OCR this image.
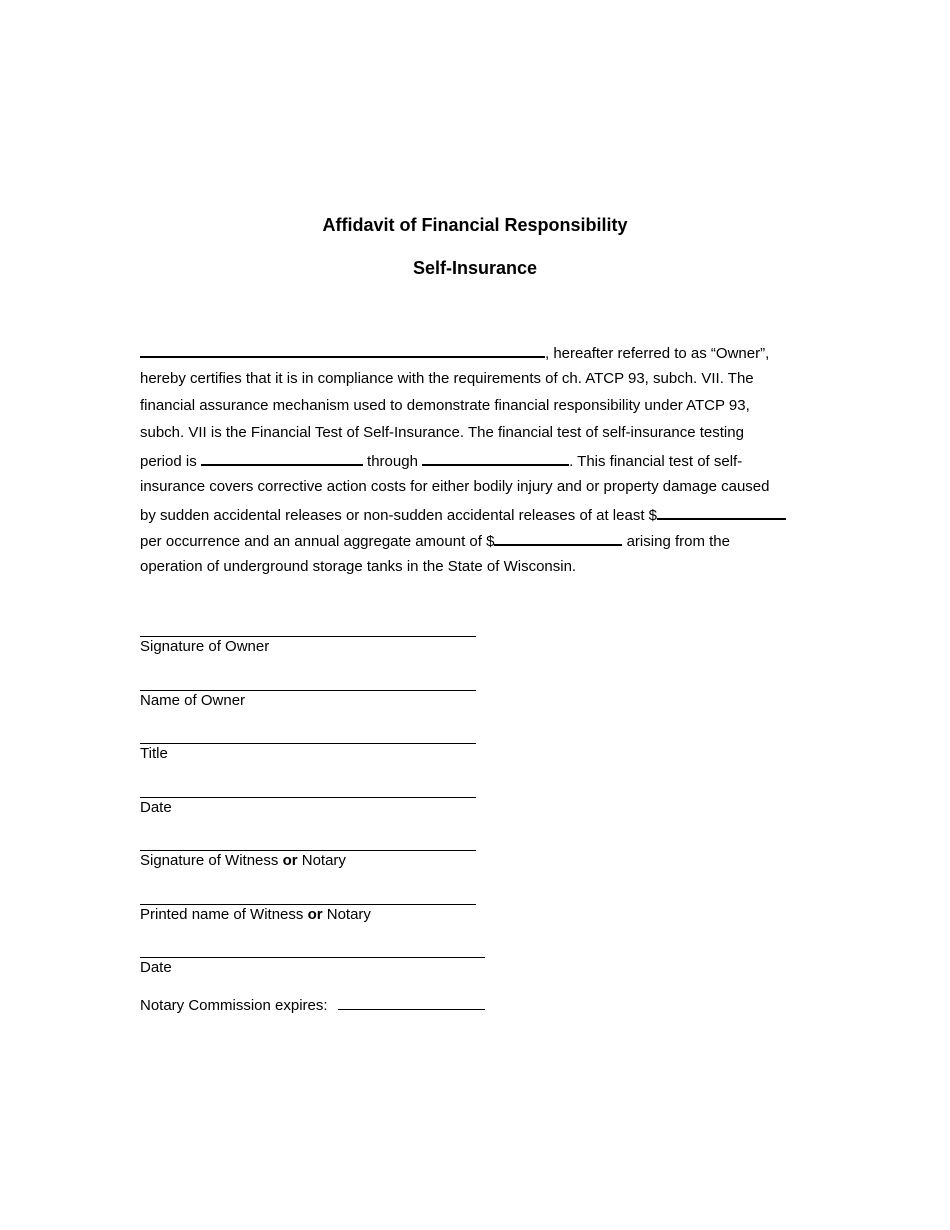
Affidavit of Financial Responsibility
Self-Insurance
, hereafter referred to as “Owner”,
hereby certifies that it is in compliance with the requirements of ch. ATCP 93, subch. VII. The
financial assurance mechanism used to demonstrate financial responsibility under ATCP 93,
subch. VII is the Financial Test of Self-Insurance. The financial test of self-insurance testing
period is	through	. This financial test of self-
insurance covers corrective action costs for either bodily injury and or property damage caused
by sudden accidental releases or non-sudden accidental releases of at least $
per occurrence and an annual aggregate amount of $	arising from the
operation of underground storage tanks in the State of Wisconsin.
Signature of Owner
Name of Owner
Title
Date
Signature of Witness or Notary
Printed name of Witness or Notary
Date
Notary Commission expires:
